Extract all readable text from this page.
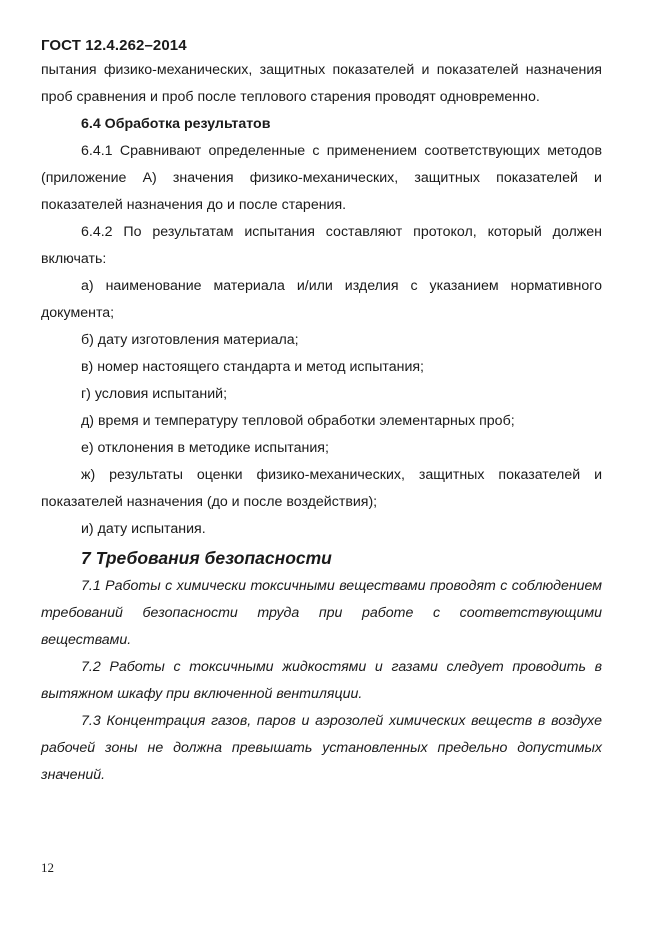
ГОСТ 12.4.262–2014

пытания физико-механических, защитных показателей и показателей назначения проб сравнения и проб после теплового старения проводят одновременно.

6.4 Обработка результатов

6.4.1 Сравнивают определенные с применением соответствующих методов (приложение А) значения физико-механических, защитных показателей и показателей назначения до и после старения.

6.4.2 По результатам испытания составляют протокол, который должен включать:

а) наименование материала и/или изделия с указанием нормативного документа;

б) дату изготовления материала;

в) номер настоящего стандарта и метод испытания;

г) условия испытаний;

д) время и температуру тепловой обработки элементарных проб;

е) отклонения в методике испытания;

ж) результаты оценки физико-механических, защитных показателей и показателей назначения (до и после воздействия);

и) дату испытания.

7 Требования безопасности

7.1 Работы с химически токсичными веществами проводят с соблюдением требований безопасности труда при работе с соответствующими веществами.

7.2 Работы с токсичными жидкостями и газами следует проводить в вытяжном шкафу при включенной вентиляции.

7.3 Концентрация газов, паров и аэрозолей химических веществ в воздухе рабочей зоны не должна превышать установленных предельно допустимых значений.

12
